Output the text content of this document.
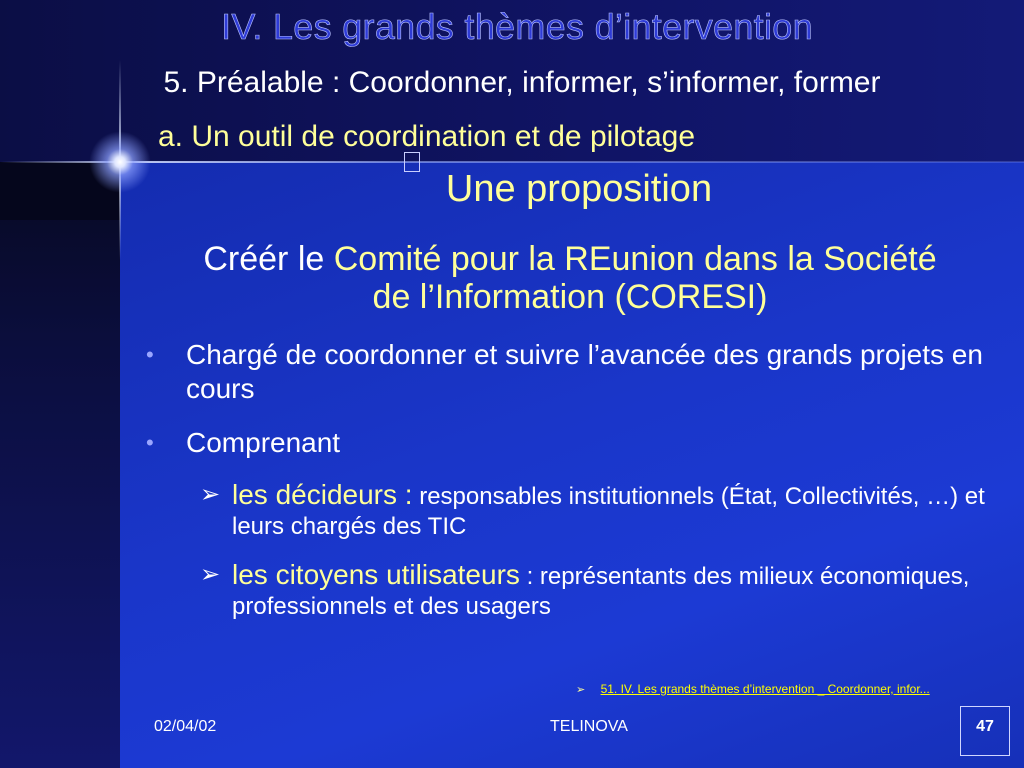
IV. Les grands thèmes d’intervention
5. Préalable : Coordonner, informer, s’informer, former
a. Un outil de coordination et de pilotage
Une proposition
Créér le Comité pour la REunion dans la Société de l’Information (CORESI)
• Chargé de coordonner et suivre l’avancée des grands projets en cours
• Comprenant
➢ les décideurs : responsables institutionnels (État, Collectivités, …) et leurs chargés des TIC
➢ les citoyens utilisateurs : représentants des milieux économiques, professionnels et des usagers
➢ 51. IV. Les grands thèmes d’intervention _ Coordonner, infor...
02/04/02	TELINOVA	47
